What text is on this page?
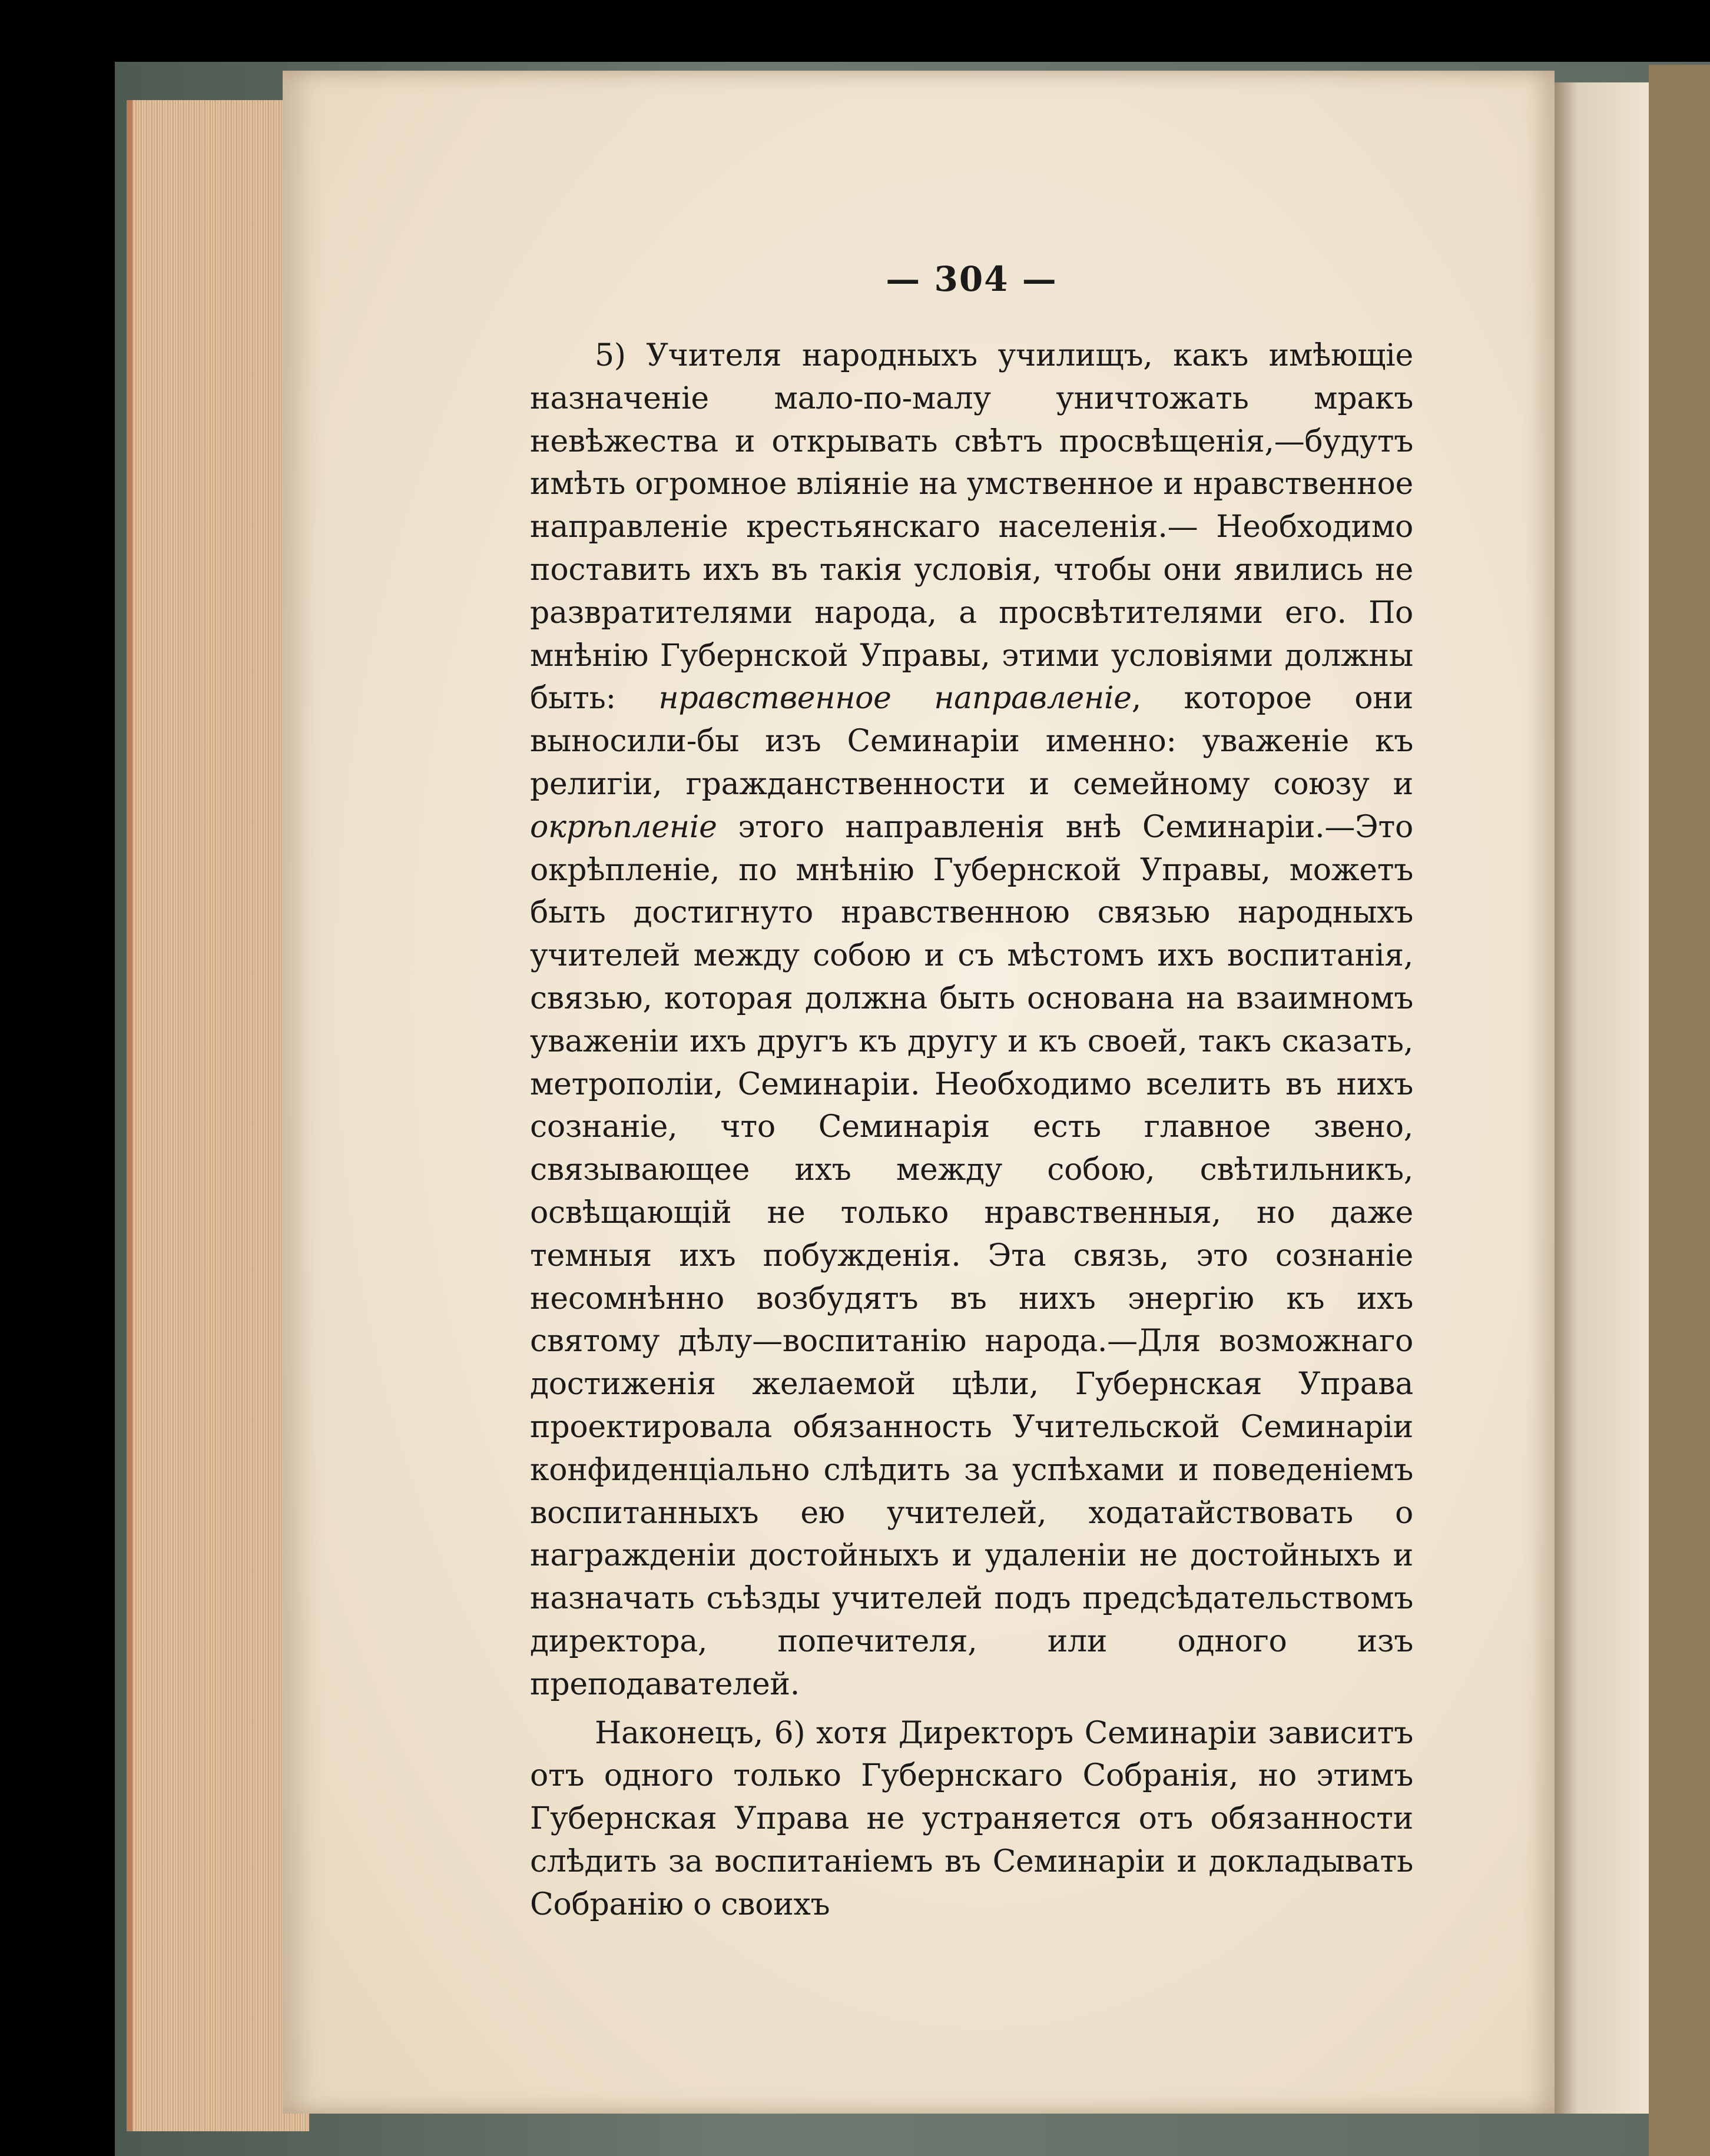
— 304 —

5) Учителя народныхъ училищъ, какъ имѣющіе назначеніе мало-по-малу уничтожать мракъ невѣжества и открывать свѣтъ просвѣщенія,—будутъ имѣть огромное вліяніе на умственное и нравственное направленіе крестьянскаго населенія.— Необходимо поставить ихъ въ такія условія, чтобы они явились не развратителями народа, а просвѣтителями его. По мнѣнію Губернской Управы, этими условіями должны быть: нравственное направленіе, которое они выносили-бы изъ Семинаріи именно: уваженіе къ религіи, гражданственности и семейному союзу и окрѣпленіе этого направленія внѣ Семинаріи.—Это окрѣпленіе, по мнѣнію Губернской Управы, можетъ быть достигнуто нравственною связью народныхъ учителей между собою и съ мѣстомъ ихъ воспитанія, связью, которая должна быть основана на взаимномъ уваженіи ихъ другъ къ другу и къ своей, такъ сказать, метрополіи, Семинаріи. Необходимо вселить въ нихъ сознаніе, что Семинарія есть главное звено, связывающее ихъ между собою, свѣтильникъ, освѣщающій не только нравственныя, но даже темныя ихъ побужденія. Эта связь, это сознаніе несомнѣнно возбудятъ въ нихъ энергію къ ихъ святому дѣлу—воспитанію народа.—Для возможнаго достиженія желаемой цѣли, Губернская Управа проектировала обязанность Учительской Семинаріи конфиденціально слѣдить за успѣхами и поведеніемъ воспитанныхъ ею учителей, ходатайствовать о награжденіи достойныхъ и удаленіи не достойныхъ и назначать съѣзды учителей подъ предсѣдательствомъ директора, попечителя, или одного изъ преподавателей.

Наконецъ, 6) хотя Директоръ Семинаріи зависитъ отъ одного только Губернскаго Собранія, но этимъ Губернская Управа не устраняется отъ обязанности слѣдить за воспитаніемъ въ Семинаріи и докладывать Собранію о своихъ
